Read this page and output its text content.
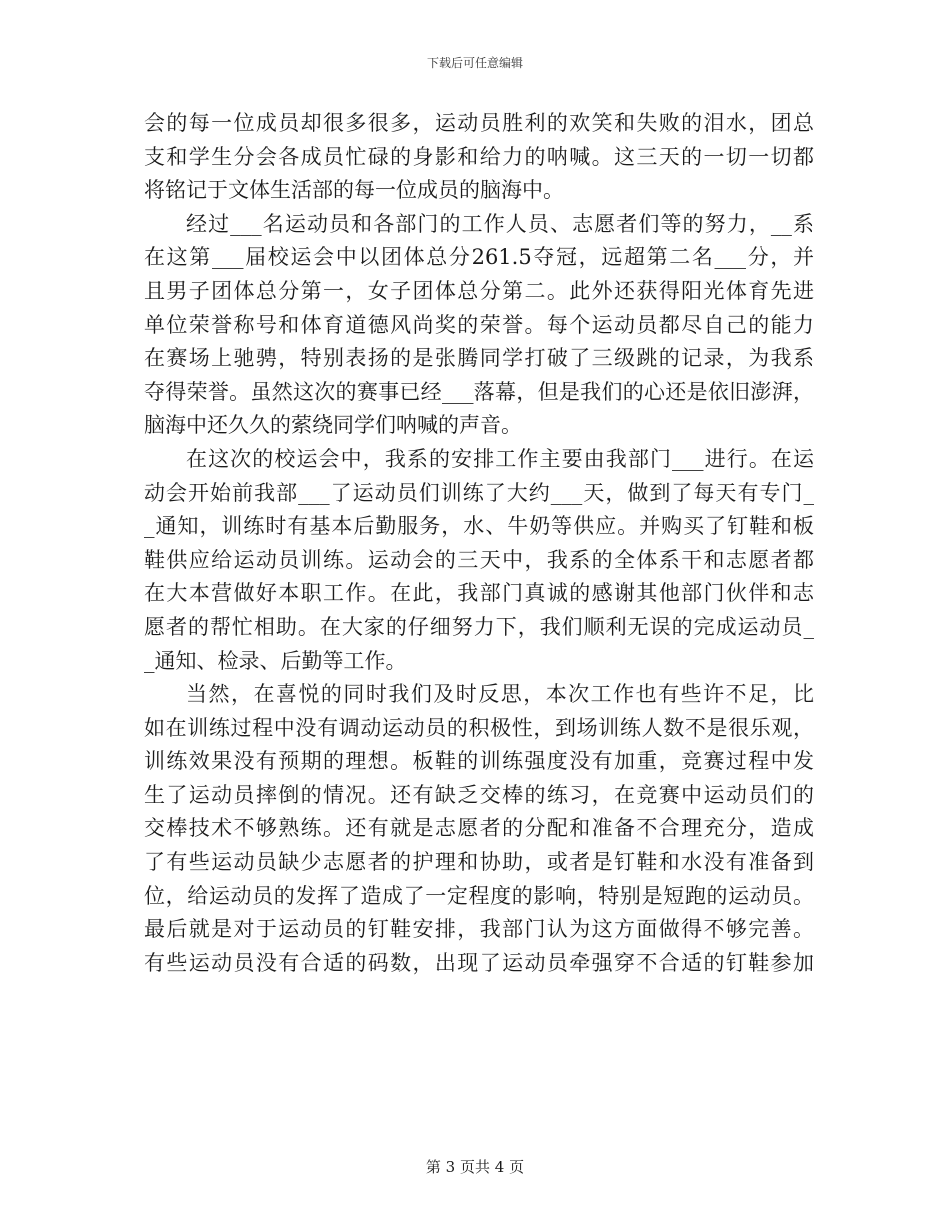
下载后可任意编辑
会的每一位成员却很多很多，运动员胜利的欢笑和失败的泪水，团总
支和学生分会各成员忙碌的身影和给力的呐喊。这三天的一切一切都
将铭记于文体生活部的每一位成员的脑海中。
经过___名运动员和各部门的工作人员、志愿者们等的努力，__系
在这第___届校运会中以团体总分261.5夺冠，远超第二名___分，并
且男子团体总分第一，女子团体总分第二。此外还获得阳光体育先进
单位荣誉称号和体育道德风尚奖的荣誉。每个运动员都尽自己的能力
在赛场上驰骋，特别表扬的是张腾同学打破了三级跳的记录，为我系
夺得荣誉。虽然这次的赛事已经___落幕，但是我们的心还是依旧澎湃，
脑海中还久久的萦绕同学们呐喊的声音。
在这次的校运会中，我系的安排工作主要由我部门___进行。在运
动会开始前我部___了运动员们训练了大约___天，做到了每天有专门_
_通知，训练时有基本后勤服务，水、牛奶等供应。并购买了钉鞋和板
鞋供应给运动员训练。运动会的三天中，我系的全体系干和志愿者都
在大本营做好本职工作。在此，我部门真诚的感谢其他部门伙伴和志
愿者的帮忙相助。在大家的仔细努力下，我们顺利无误的完成运动员_
_通知、检录、后勤等工作。
当然，在喜悦的同时我们及时反思，本次工作也有些许不足，比
如在训练过程中没有调动运动员的积极性，到场训练人数不是很乐观，
训练效果没有预期的理想。板鞋的训练强度没有加重，竞赛过程中发
生了运动员摔倒的情况。还有缺乏交棒的练习，在竞赛中运动员们的
交棒技术不够熟练。还有就是志愿者的分配和准备不合理充分，造成
了有些运动员缺少志愿者的护理和协助，或者是钉鞋和水没有准备到
位，给运动员的发挥了造成了一定程度的影响，特别是短跑的运动员。
最后就是对于运动员的钉鞋安排，我部门认为这方面做得不够完善。
有些运动员没有合适的码数，出现了运动员牵强穿不合适的钉鞋参加
第 3 页共 4 页
